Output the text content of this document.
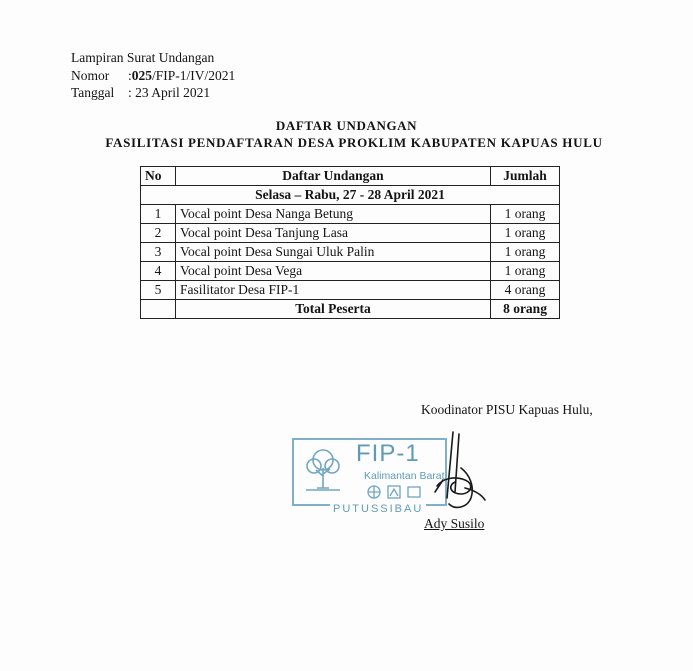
Lampiran Surat Undangan
Nomor	:025/FIP-1/IV/2021
Tanggal	: 23 April 2021
DAFTAR UNDANGAN
FASILITASI PENDAFTARAN DESA PROKLIM KABUPATEN KAPUAS HULU
No	Daftar Undangan	Jumlah
Selasa – Rabu, 27 - 28 April 2021		
1	Vocal point Desa Nanga Betung	1 orang
2	Vocal point Desa Tanjung Lasa	1 orang
3	Vocal point Desa Sungai Uluk Palin	1 orang
4	Vocal point Desa Vega	1 orang
5	Fasilitator Desa FIP-1	4 orang
	Total Peserta	8 orang
Koodinator PISU Kapuas Hulu,
FIP-1
Kalimantan Barat
PUTUSSIBAU
Ady Susilo
